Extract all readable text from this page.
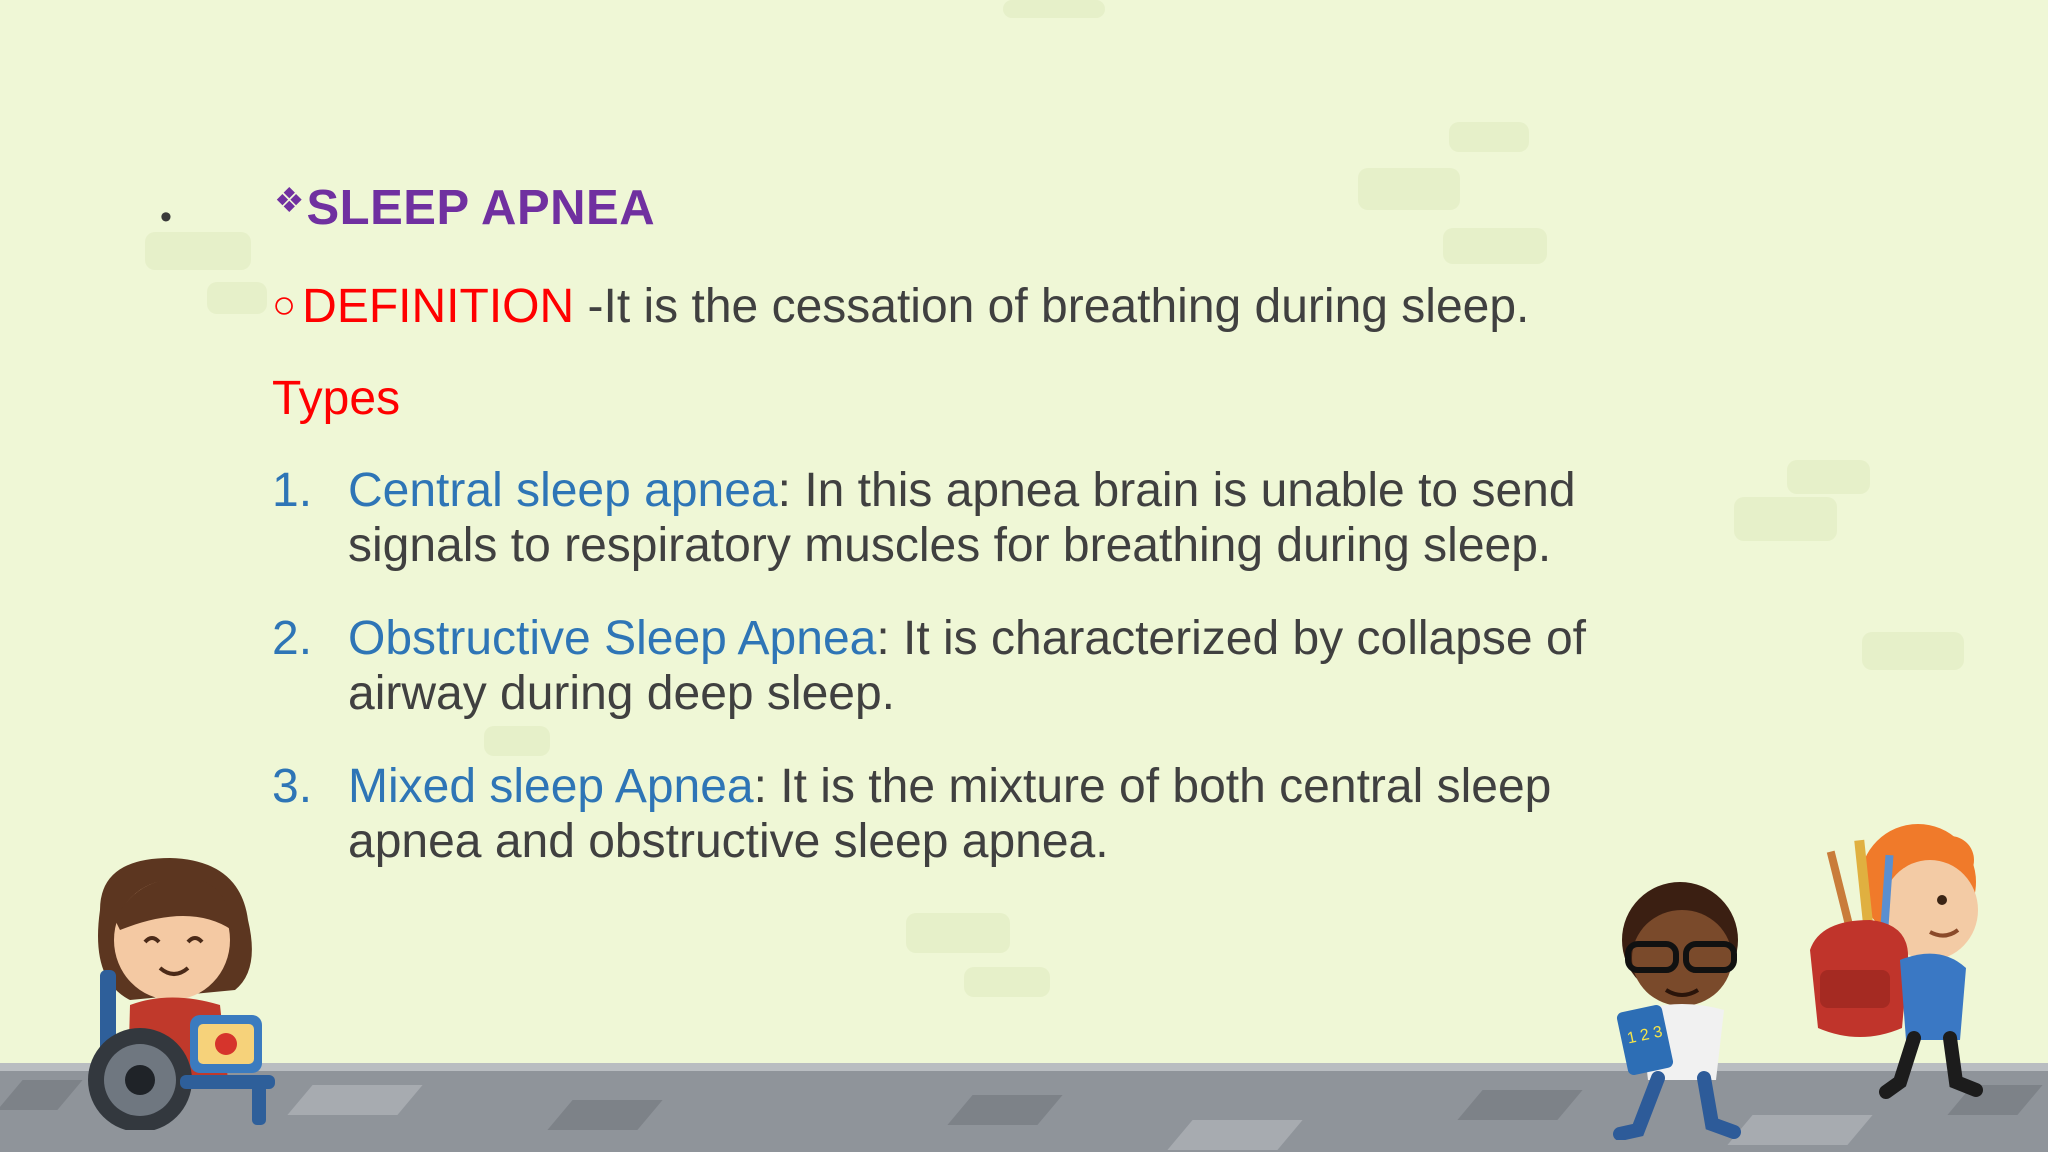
1 2 3
•	❖ SLEEP APNEA
○ DEFINITION -It is the cessation of breathing during sleep.
Types
1. Central sleep apnea: In this apnea brain is unable to send signals to respiratory muscles for breathing during sleep.
2. Obstructive Sleep Apnea: It is characterized by collapse of airway during deep sleep.
3. Mixed sleep Apnea: It is the mixture of both central sleep apnea and obstructive sleep apnea.
